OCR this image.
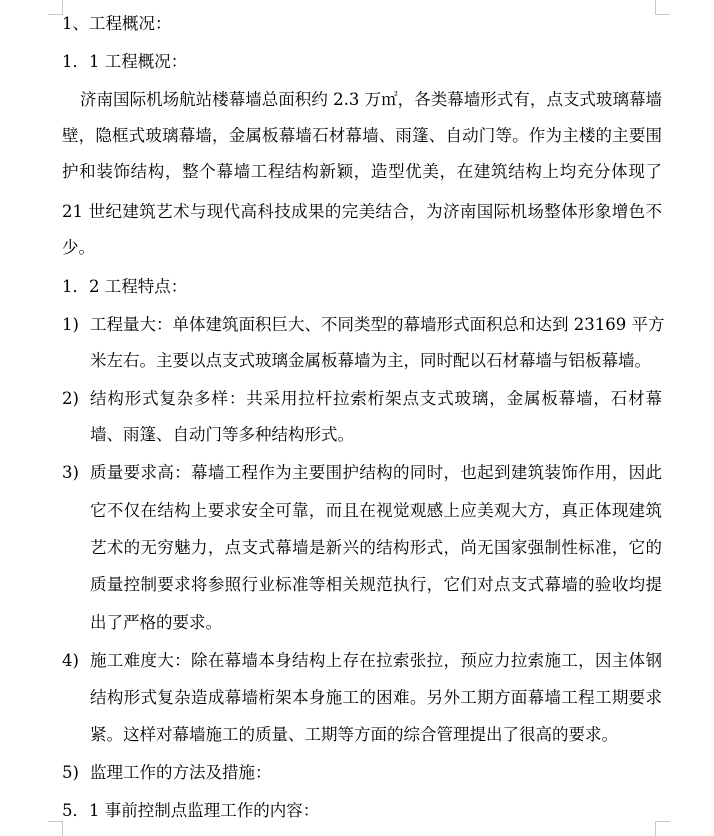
1、工程概况：
1．1 工程概况：
济南国际机场航站楼幕墙总面积约 2.3 万㎡，各类幕墙形式有，点支式玻璃幕墙
壁，隐框式玻璃幕墙，金属板幕墙石材幕墙、雨篷、自动门等。作为主楼的主要围
护和装饰结构，整个幕墙工程结构新颖，造型优美，在建筑结构上均充分体现了
21 世纪建筑艺术与现代高科技成果的完美结合，为济南国际机场整体形象增色不
少。
1．2 工程特点：
1) 工程量大：单体建筑面积巨大、不同类型的幕墙形式面积总和达到 23169 平方
米左右。主要以点支式玻璃金属板幕墙为主，同时配以石材幕墙与铝板幕墙。
2) 结构形式复杂多样：共采用拉杆拉索桁架点支式玻璃，金属板幕墙，石材幕
墙、雨篷、自动门等多种结构形式。
3) 质量要求高：幕墙工程作为主要围护结构的同时，也起到建筑装饰作用，因此
它不仅在结构上要求安全可靠，而且在视觉观感上应美观大方，真正体现建筑
艺术的无穷魅力，点支式幕墙是新兴的结构形式，尚无国家强制性标准，它的
质量控制要求将参照行业标准等相关规范执行，它们对点支式幕墙的验收均提
出了严格的要求。
4) 施工难度大：除在幕墙本身结构上存在拉索张拉，预应力拉索施工，因主体钢
结构形式复杂造成幕墙桁架本身施工的困难。另外工期方面幕墙工程工期要求
紧。这样对幕墙施工的质量、工期等方面的综合管理提出了很高的要求。
5) 监理工作的方法及措施：
5．1 事前控制点监理工作的内容：
